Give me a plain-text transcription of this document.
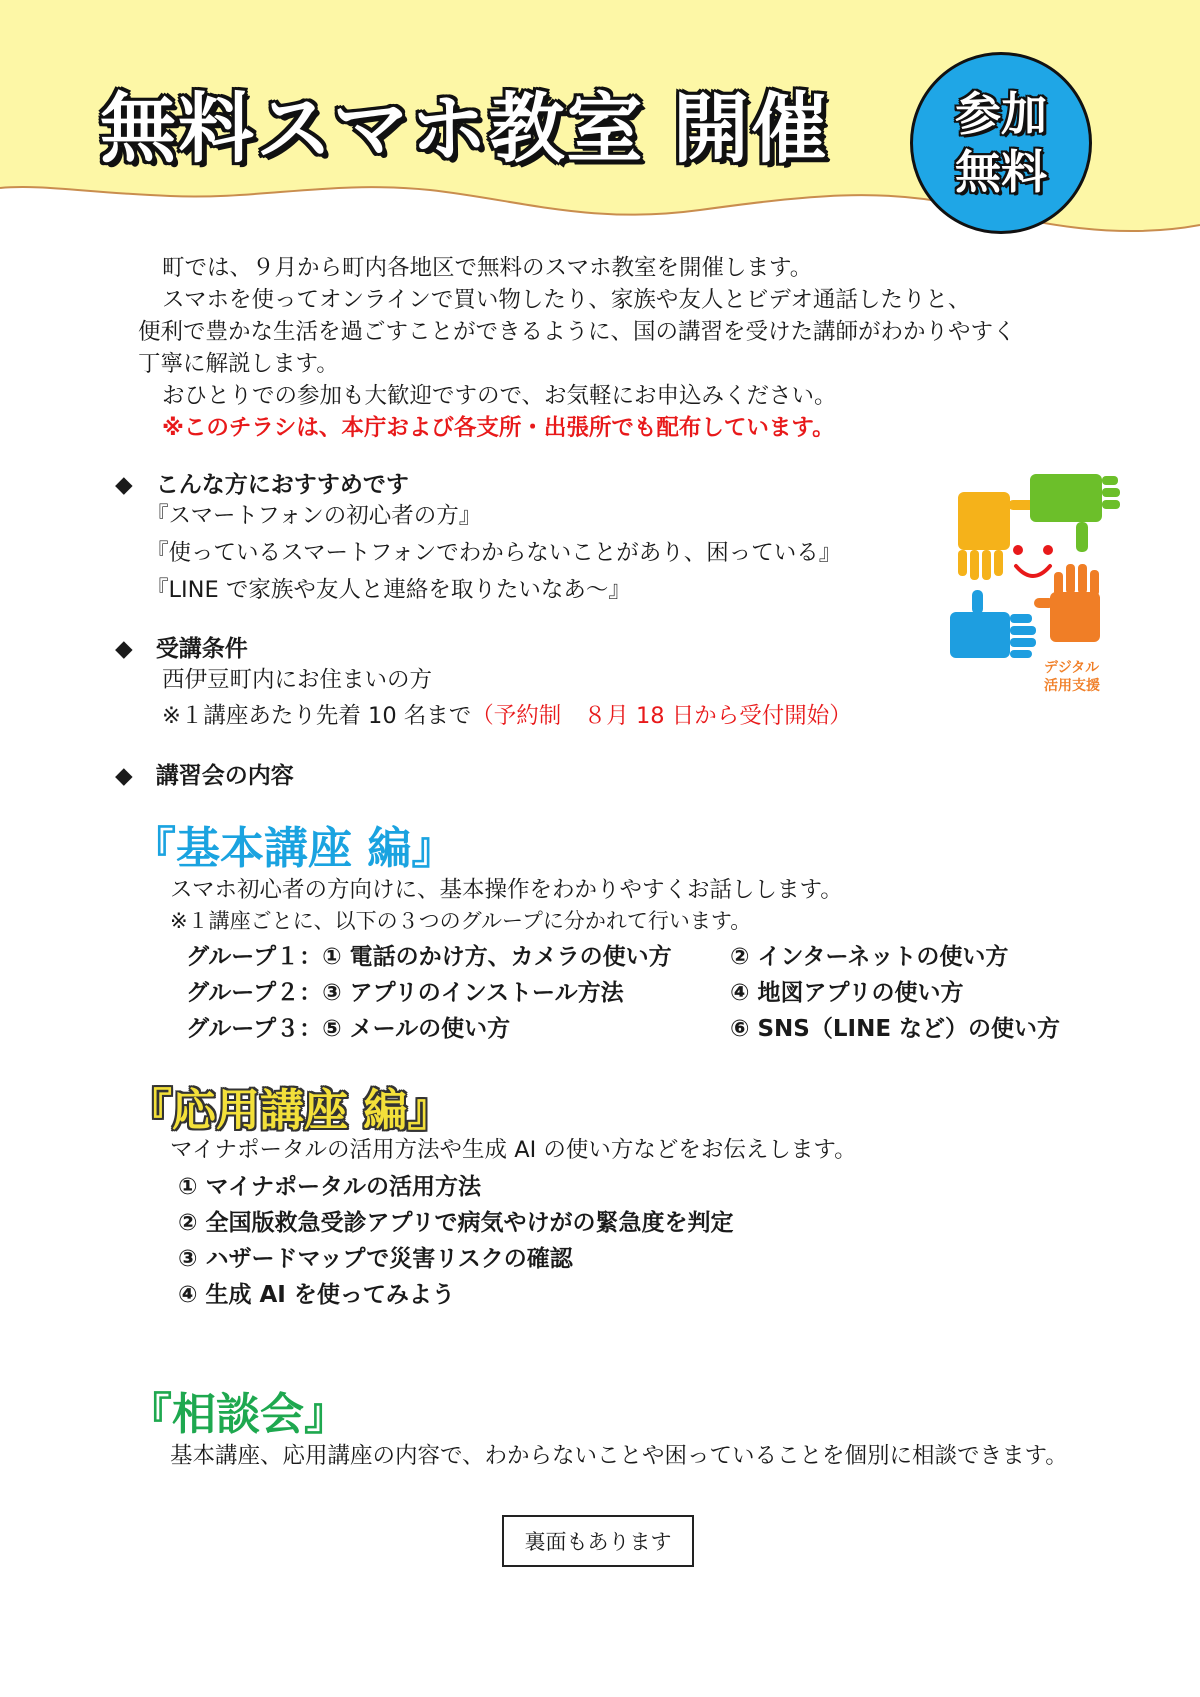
無料スマホ教室 開催	参加
無料
町では、９月から町内各地区で無料のスマホ教室を開催します。
スマホを使ってオンラインで買い物したり、家族や友人とビデオ通話したりと、
便利で豊かな生活を過ごすことができるように、国の講習を受けた講師がわかりやすく
丁寧に解説します。
おひとりでの参加も大歓迎ですので、お気軽にお申込みください。
※このチラシは、本庁および各支所・出張所でも配布しています。
◆　こんな方におすすめです
『スマートフォンの初心者の方』
『使っているスマートフォンでわからないことがあり、困っている』
『LINE で家族や友人と連絡を取りたいなあ～』
デジタル
活用支援
◆　受講条件
西伊豆町内にお住まいの方
※１講座あたり先着 10 名まで（予約制　８月 18 日から受付開始）
◆　講習会の内容
『基本講座 編』
スマホ初心者の方向けに、基本操作をわかりやすくお話しします。
※１講座ごとに、以下の３つのグループに分かれて行います。
グループ１：① 電話のかけ方、カメラの使い方	② インターネットの使い方
グループ２：③ アプリのインストール方法	④ 地図アプリの使い方
グループ３：⑤ メールの使い方	⑥ SNS（LINE など）の使い方
『応用講座 編』
マイナポータルの活用方法や生成 AI の使い方などをお伝えします。
① マイナポータルの活用方法
② 全国版救急受診アプリで病気やけがの緊急度を判定
③ ハザードマップで災害リスクの確認
④ 生成 AI を使ってみよう
『相談会』
基本講座、応用講座の内容で、わからないことや困っていることを個別に相談できます。
裏面もあります
